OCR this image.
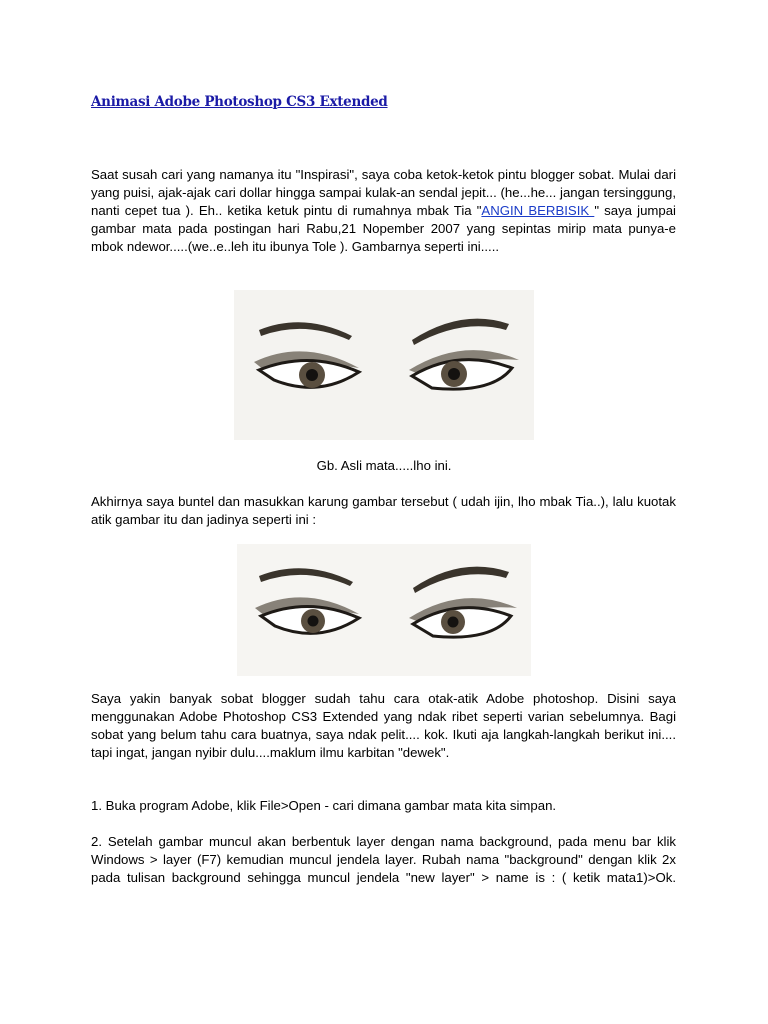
Animasi Adobe Photoshop CS3 Extended

Saat susah cari yang namanya itu "Inspirasi", saya coba ketok-ketok pintu blogger sobat. Mulai dari yang puisi, ajak-ajak cari dollar hingga sampai kulak-an sendal jepit... (he...he... jangan tersinggung, nanti cepet tua ). Eh.. ketika ketuk pintu di rumahnya mbak Tia "ANGIN BERBISIK " saya jumpai gambar mata pada postingan hari Rabu,21 Nopember 2007 yang sepintas mirip mata punya-e mbok ndewor.....(we..e..leh itu ibunya Tole ). Gambarnya seperti ini.....

Gb. Asli mata.....lho ini.

Akhirnya saya buntel dan masukkan karung gambar tersebut ( udah ijin, lho mbak Tia..), lalu kuotak atik gambar itu dan jadinya seperti ini :

Saya yakin banyak sobat blogger sudah tahu cara otak-atik Adobe photoshop. Disini saya menggunakan Adobe Photoshop CS3 Extended yang ndak ribet seperti varian sebelumnya. Bagi sobat yang belum tahu cara buatnya, saya ndak pelit.... kok. Ikuti aja langkah-langkah berikut ini.... tapi ingat, jangan nyibir dulu....maklum ilmu karbitan "dewek".

1. Buka program Adobe, klik File>Open - cari dimana gambar mata kita simpan.

2. Setelah gambar muncul akan berbentuk layer dengan nama background, pada menu bar klik Windows > layer (F7) kemudian muncul jendela layer. Rubah nama "background" dengan klik 2x pada tulisan background sehingga muncul jendela "new layer" > name is : ( ketik mata1)>Ok.
